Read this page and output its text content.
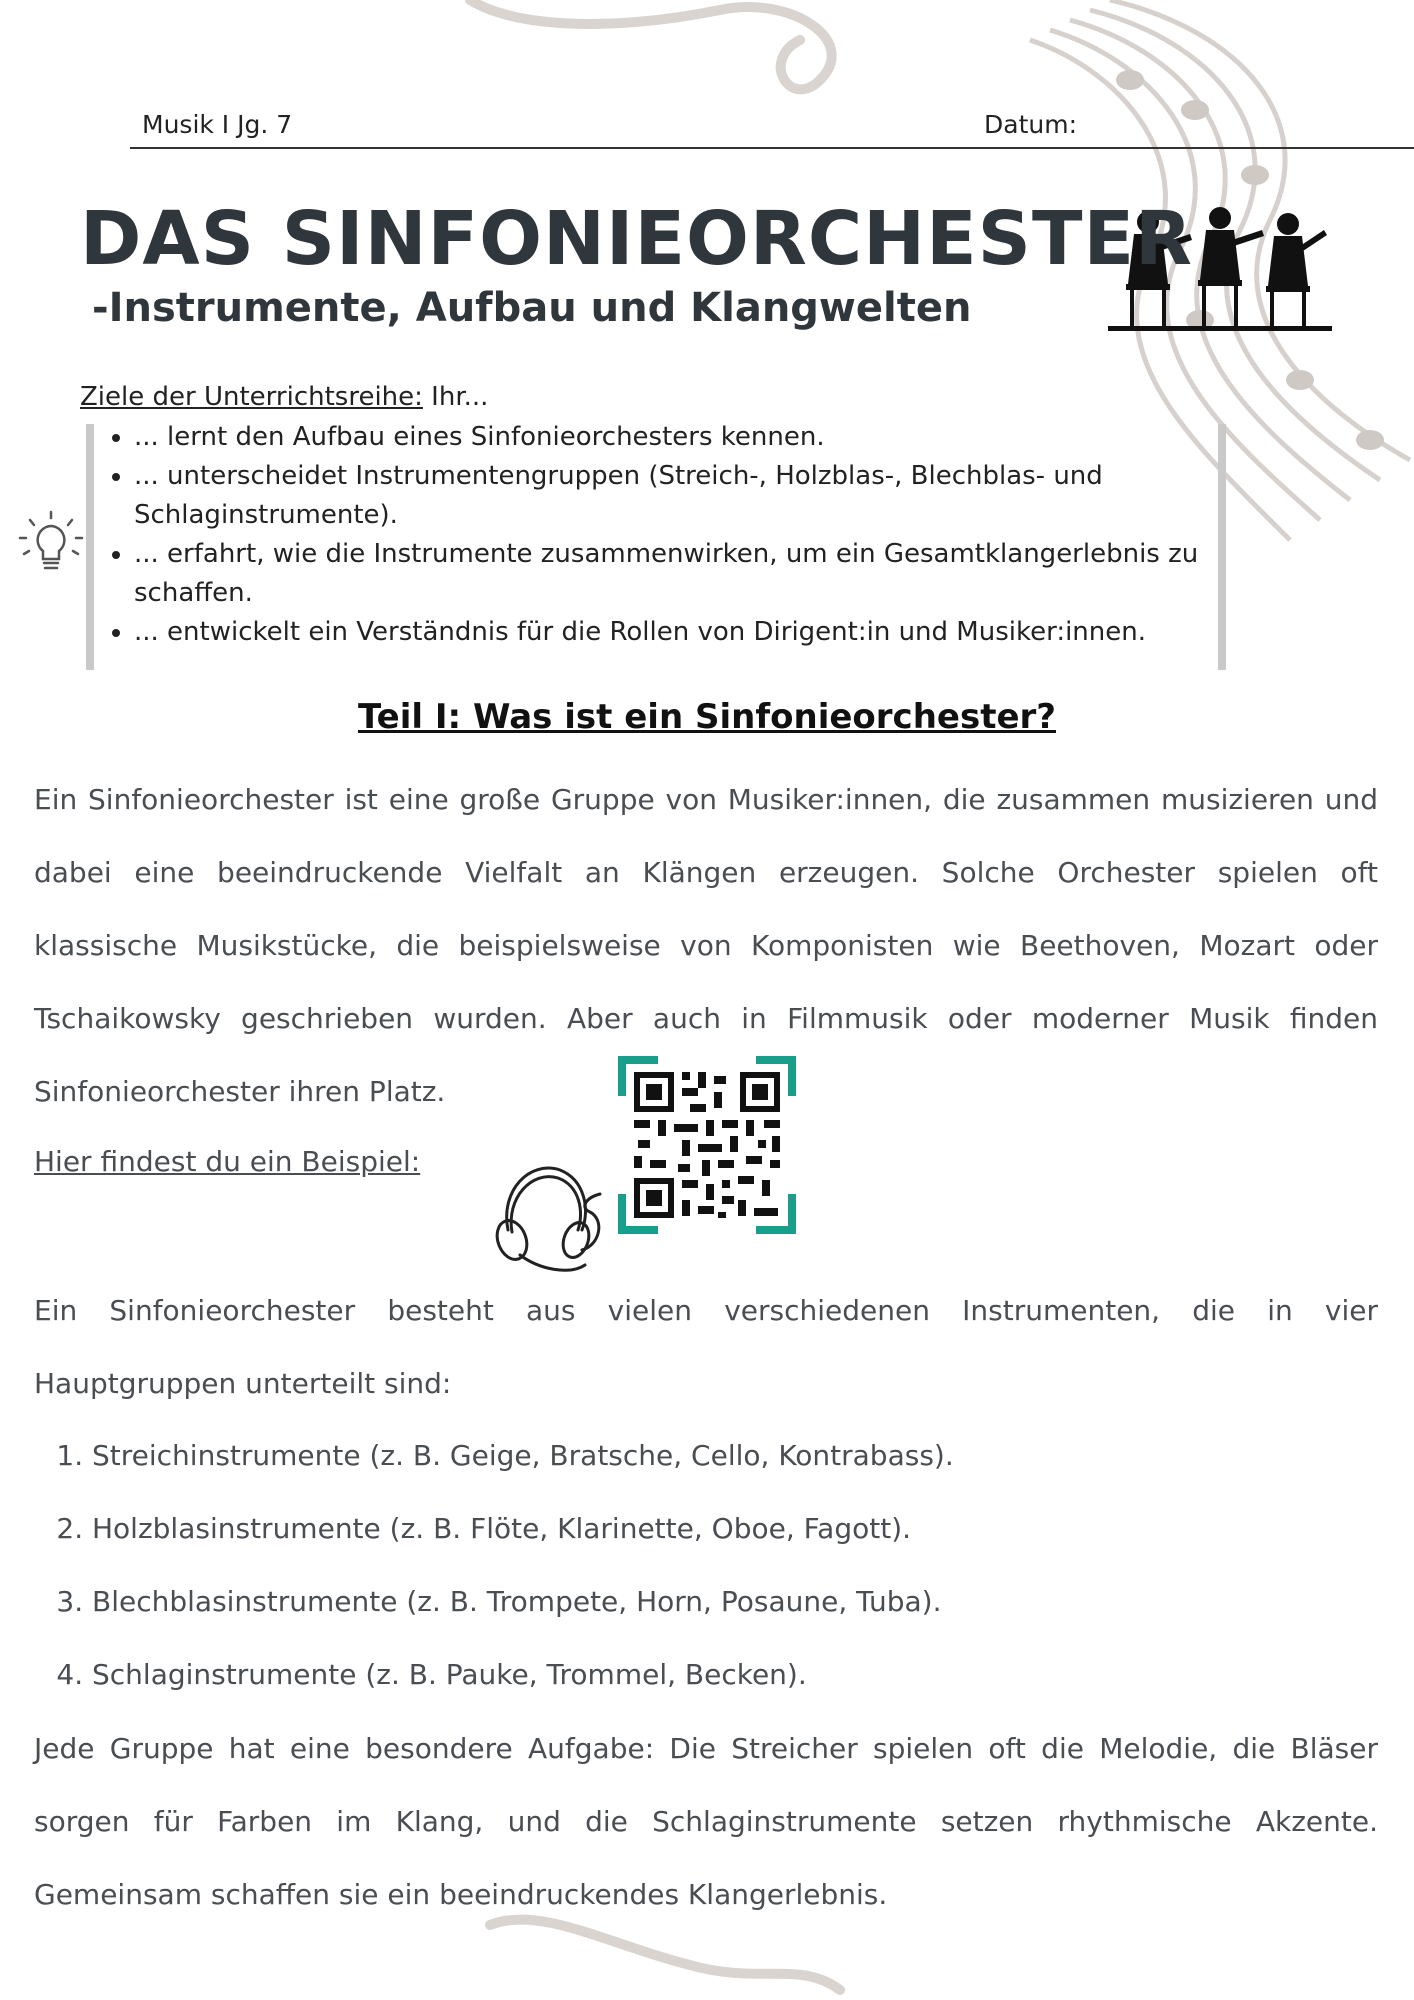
Musik I Jg. 7	Datum:
DAS SINFONIEORCHESTER
-Instrumente, Aufbau und Klangwelten
Ziele der Unterrichtsreihe: Ihr...
• ... lernt den Aufbau eines Sinfonieorchesters kennen.
• ... unterscheidet Instrumentengruppen (Streich-, Holzblas-, Blechblas- und Schlaginstrumente).
• ... erfahrt, wie die Instrumente zusammenwirken, um ein Gesamtklangerlebnis zu schaffen.
• ... entwickelt ein Verständnis für die Rollen von Dirigent:in und Musiker:innen.
Teil I: Was ist ein Sinfonieorchester?

Ein Sinfonieorchester ist eine große Gruppe von Musiker:innen, die zusammen musizieren und dabei eine beeindruckende Vielfalt an Klängen erzeugen. Solche Orchester spielen oft klassische Musikstücke, die beispielsweise von Komponisten wie Beethoven, Mozart oder Tschaikowsky geschrieben wurden. Aber auch in Filmmusik oder moderner Musik finden Sinfonieorchester ihren Platz.

Hier findest du ein Beispiel:

Ein Sinfonieorchester besteht aus vielen verschiedenen Instrumenten, die in vier Hauptgruppen unterteilt sind:

1. Streichinstrumente (z. B. Geige, Bratsche, Cello, Kontrabass).
2. Holzblasinstrumente (z. B. Flöte, Klarinette, Oboe, Fagott).
3. Blechblasinstrumente (z. B. Trompete, Horn, Posaune, Tuba).
4. Schlaginstrumente (z. B. Pauke, Trommel, Becken).

Jede Gruppe hat eine besondere Aufgabe: Die Streicher spielen oft die Melodie, die Bläser sorgen für Farben im Klang, und die Schlaginstrumente setzen rhythmische Akzente. Gemeinsam schaffen sie ein beeindruckendes Klangerlebnis.
